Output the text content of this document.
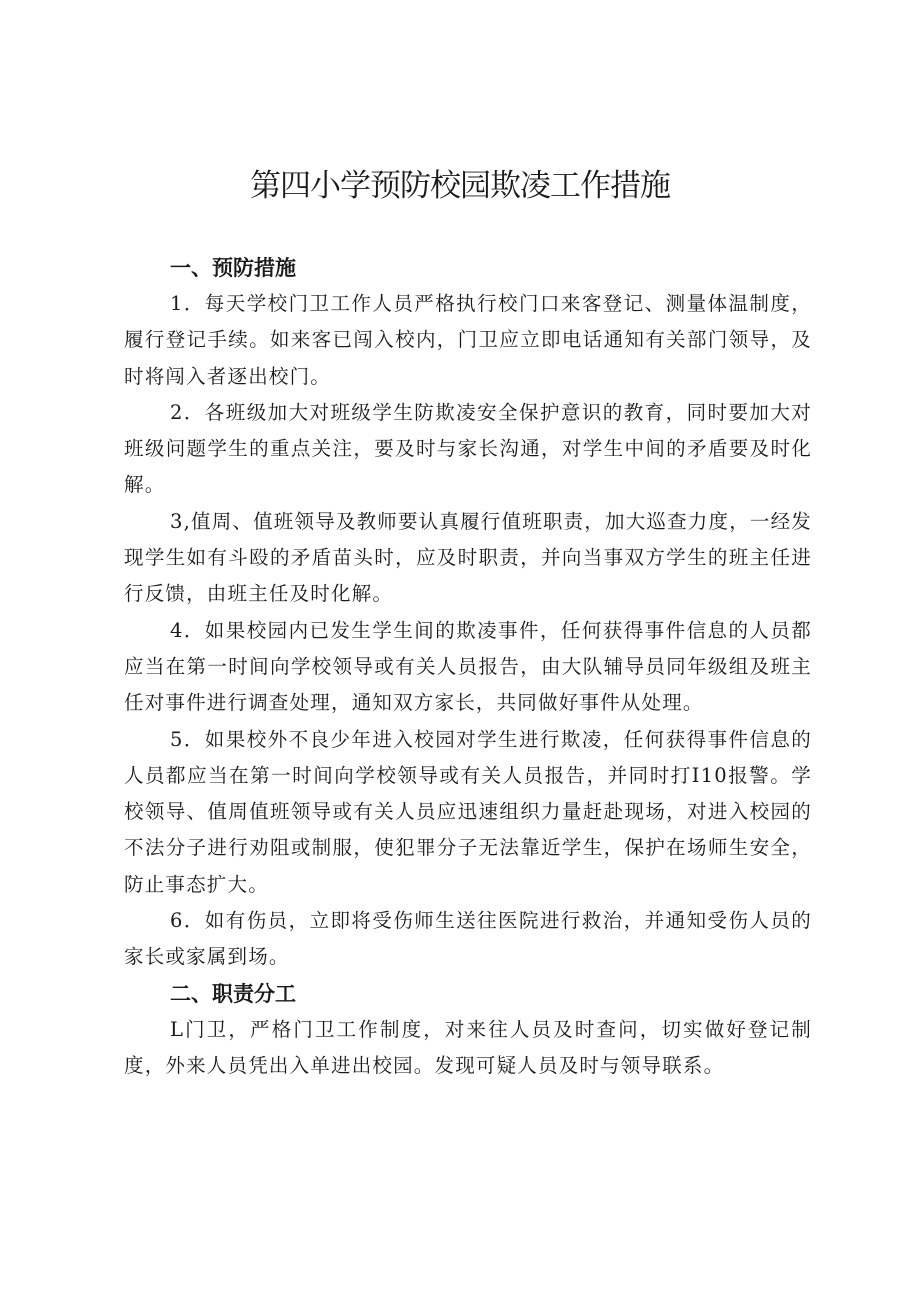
第四小学预防校园欺凌工作措施
一、预防措施

1．每天学校门卫工作人员严格执行校门口来客登记、测量体温制度，履行登记手续。如来客已闯入校内，门卫应立即电话通知有关部门领导，及时将闯入者逐出校门。

2．各班级加大对班级学生防欺凌安全保护意识的教育，同时要加大对班级问题学生的重点关注，要及时与家长沟通，对学生中间的矛盾要及时化解。

3,值周、值班领导及教师要认真履行值班职责，加大巡查力度，一经发现学生如有斗殴的矛盾苗头时，应及时职责，并向当事双方学生的班主任进行反馈，由班主任及时化解。

4．如果校园内已发生学生间的欺凌事件，任何获得事件信息的人员都应当在第一时间向学校领导或有关人员报告，由大队辅导员同年级组及班主任对事件进行调查处理，通知双方家长，共同做好事件从处理。

5．如果校外不良少年进入校园对学生进行欺凌，任何获得事件信息的人员都应当在第一时间向学校领导或有关人员报告，并同时打I10报警。学校领导、值周值班领导或有关人员应迅速组织力量赶赴现场，对进入校园的不法分子进行劝阻或制服，使犯罪分子无法靠近学生，保护在场师生安全，防止事态扩大。

6．如有伤员，立即将受伤师生送往医院进行救治，并通知受伤人员的家长或家属到场。

二、职责分工

L门卫，严格门卫工作制度，对来往人员及时查问，切实做好登记制度，外来人员凭出入单进出校园。发现可疑人员及时与领导联系。
